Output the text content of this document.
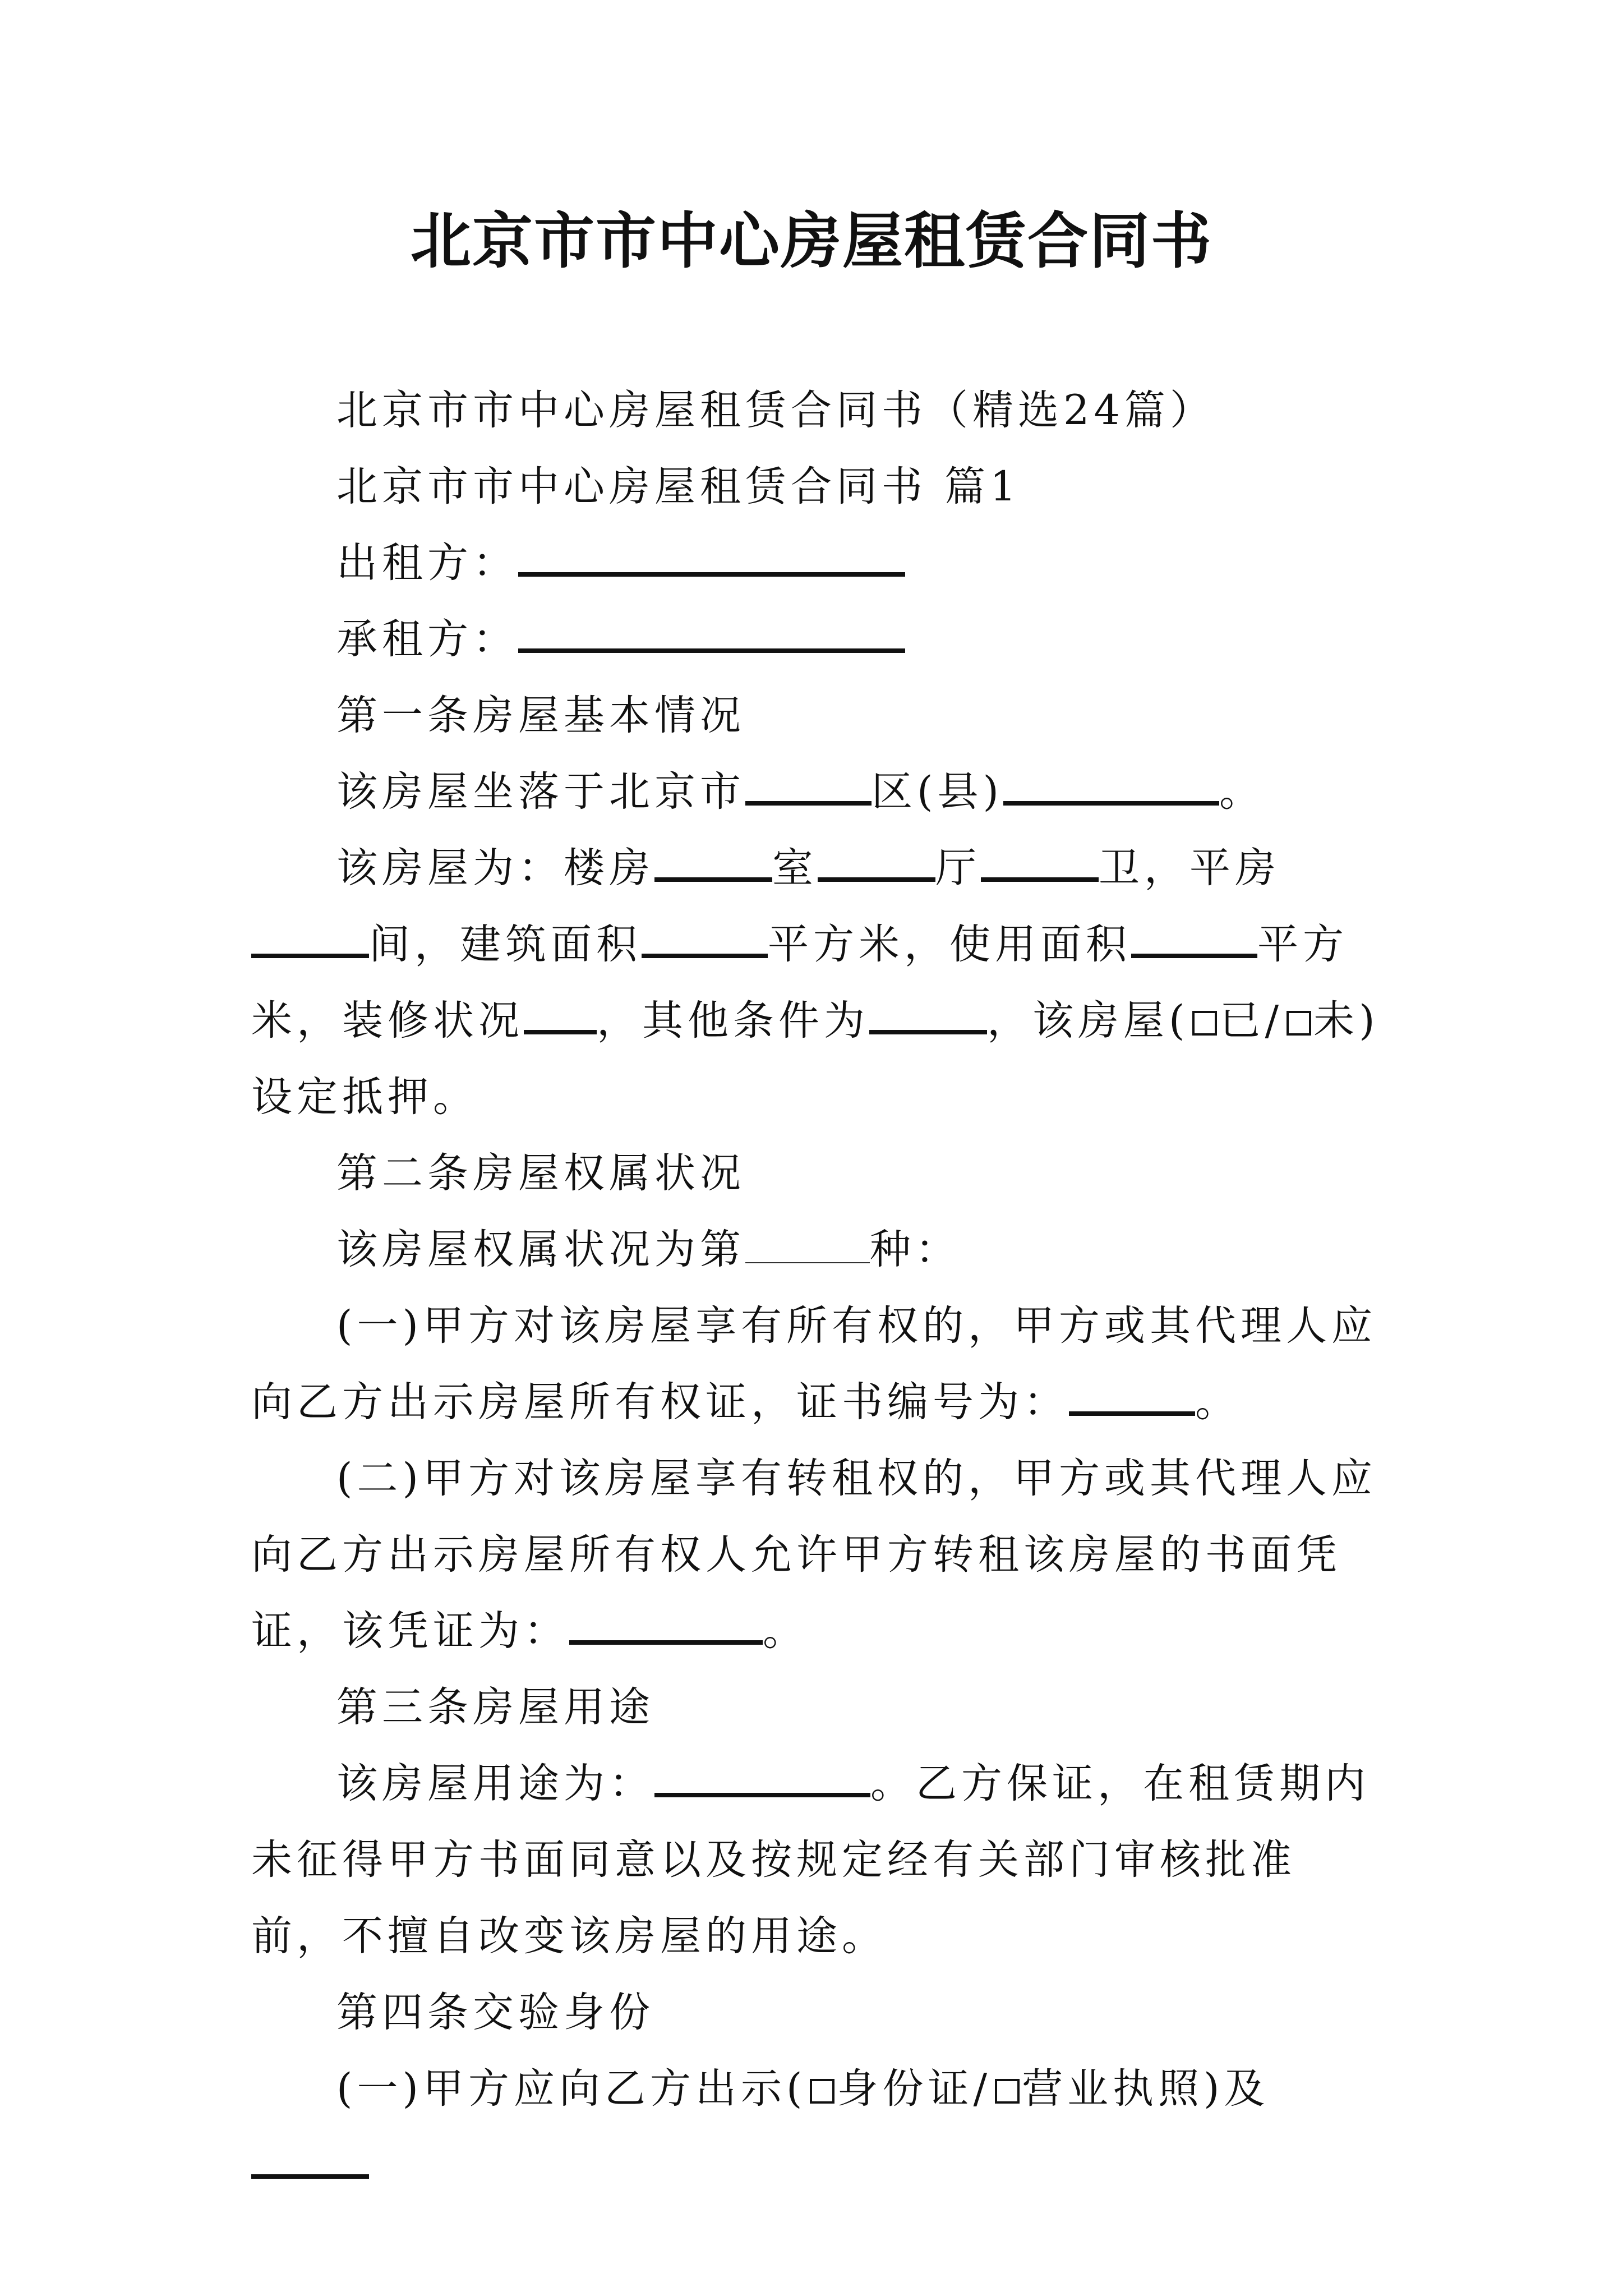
北京市市中心房屋租赁合同书

北京市市中心房屋租赁合同书（精选24篇）

北京市市中心房屋租赁合同书 篇1

出租方：

承租方：

第一条房屋基本情况

该房屋坐落于北京市	区(县)	。

该房屋为：楼房	室	厅	卫，平房间，建筑面积	平方米，使用面积	平方米，装修状况 ，其他条件为	，该房屋( 已/ 未)设定抵押。

第二条房屋权属状况

该房屋权属状况为第	种：

(一)甲方对该房屋享有所有权的，甲方或其代理人应向乙方出示房屋所有权证，证书编号为：	。

(二)甲方对该房屋享有转租权的，甲方或其代理人应向乙方出示房屋所有权人允许甲方转租该房屋的书面凭证，该凭证为：	。

第三条房屋用途

该房屋用途为：	。乙方保证，在租赁期内未征得甲方书面同意以及按规定经有关部门审核批准前，不擅自改变该房屋的用途。

第四条交验身份

(一)甲方应向乙方出示( 身份证/ 营业执照)及
